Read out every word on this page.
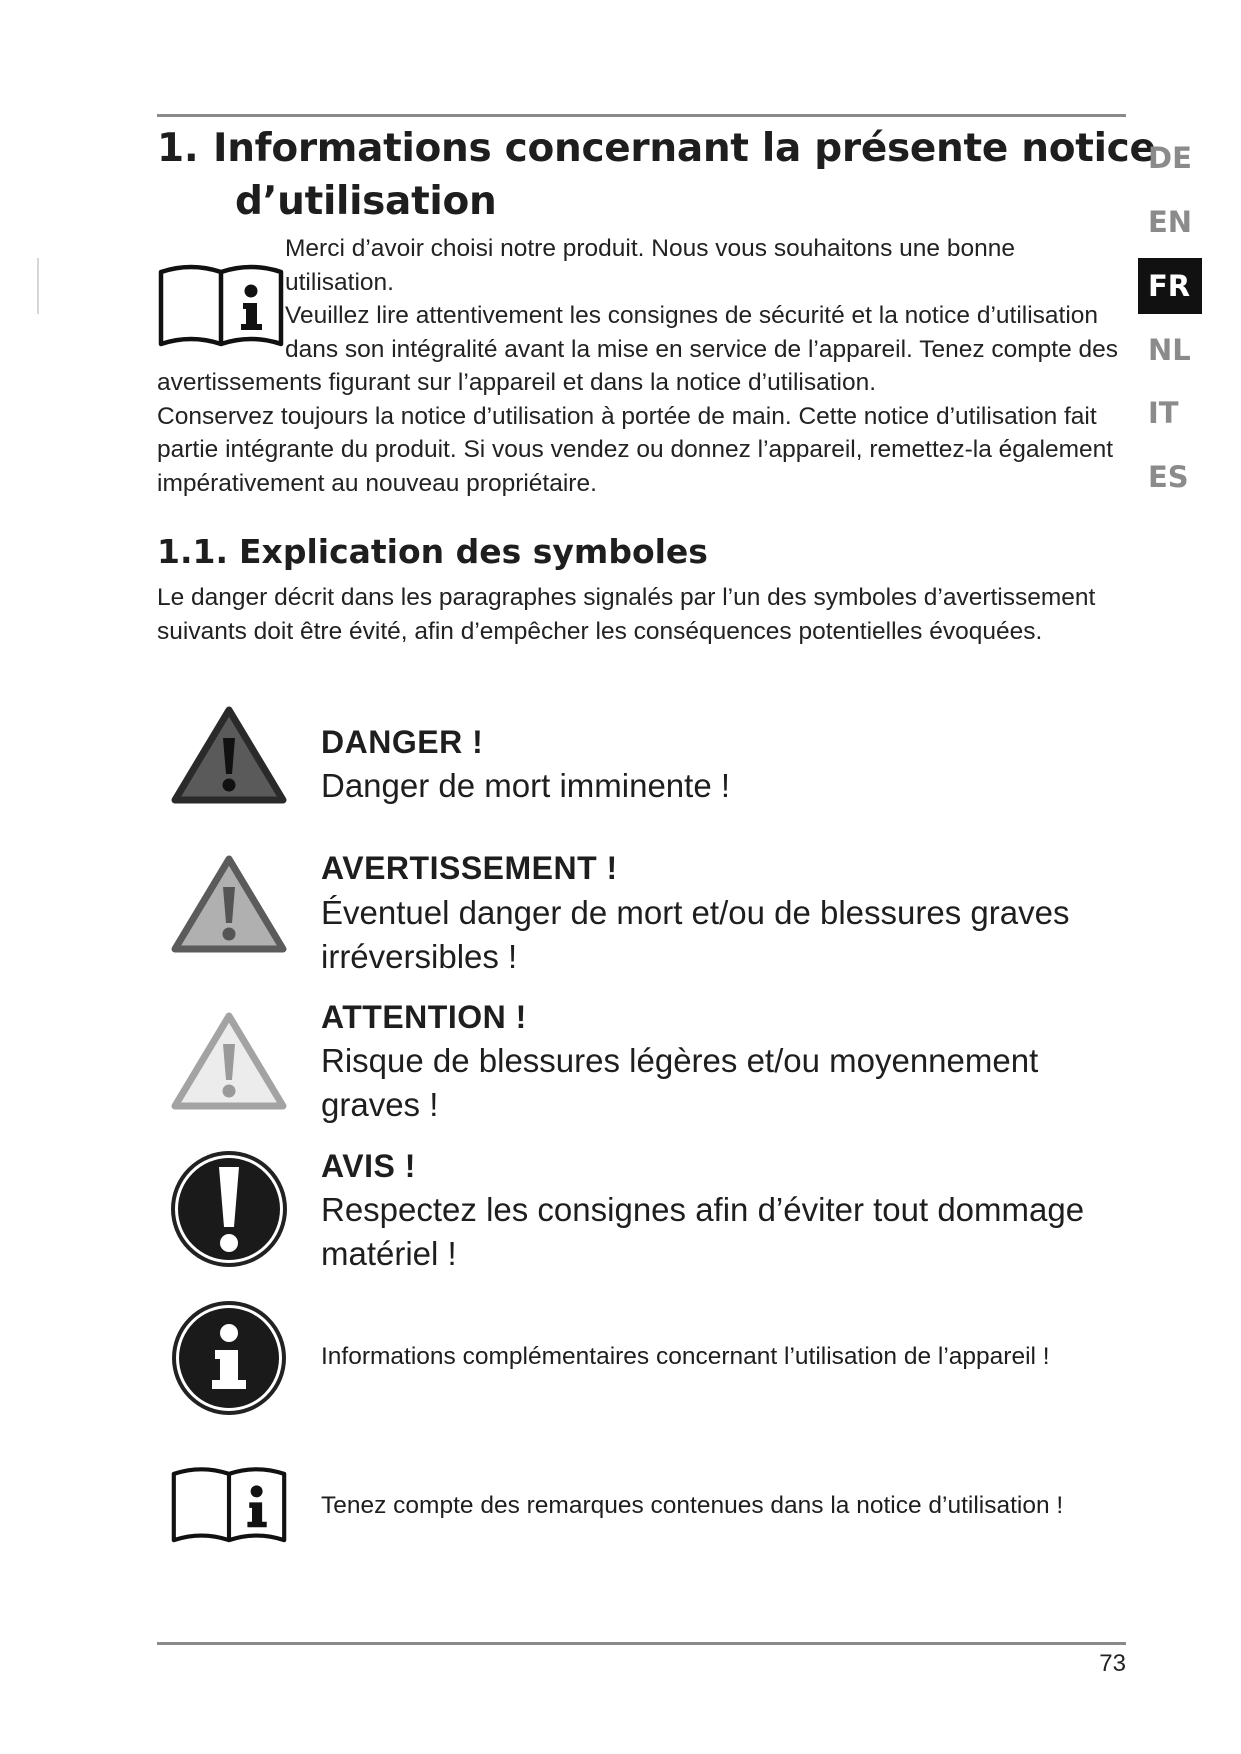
1. Informations concernant la présente notice
d’utilisation

Merci d’avoir choisi notre produit. Nous vous souhaitons une bonne utilisation.

Veuillez lire attentivement les consignes de sécurité et la notice d’utilisation dans son intégralité avant la mise en service de l’appareil. Tenez compte des avertissements figurant sur l’appareil et dans la notice d’utilisation.

Conservez toujours la notice d’utilisation à portée de main. Cette notice d’utilisation fait partie intégrante du produit. Si vous vendez ou donnez l’appareil, remettez-la également impérativement au nouveau propriétaire.

1.1. Explication des symboles

Le danger décrit dans les paragraphes signalés par l’un des symboles d’avertissement suivants doit être évité, afin d’empêcher les conséquences potentielles évoquées.

DE
EN
FR
NL
IT
ES
DANGER !
Danger de mort imminente !
AVERTISSEMENT !
Éventuel danger de mort et/ou de blessures graves irréversibles !
ATTENTION !
Risque de blessures légères et/ou moyennement graves !
AVIS !
Respectez les consignes afin d’éviter tout dommage matériel !
Informations complémentaires concernant l’utilisation de l’appareil !
Tenez compte des remarques contenues dans la notice d’utilisation !
73
